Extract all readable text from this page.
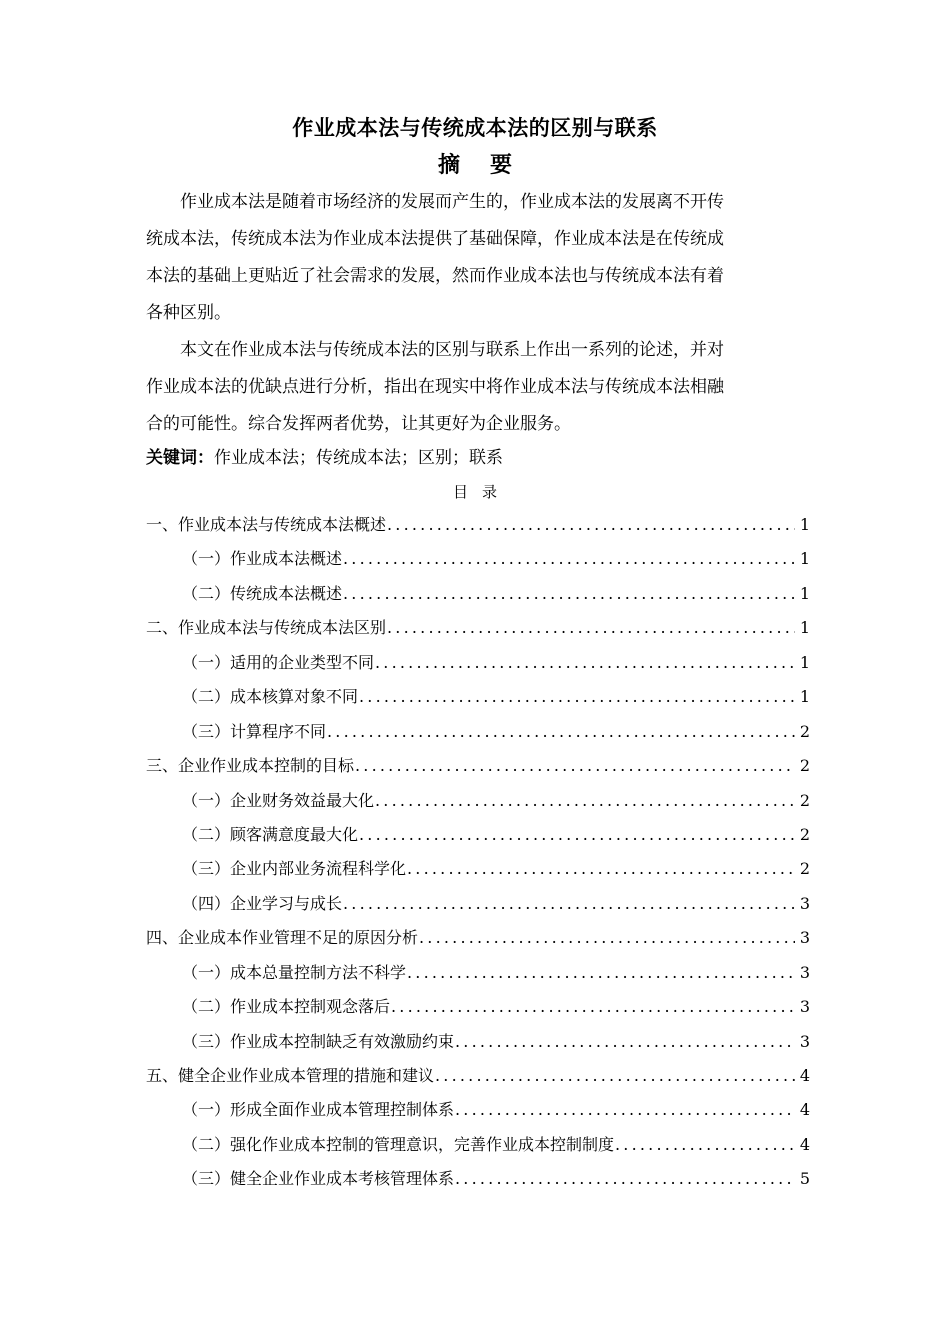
作业成本法与传统成本法的区别与联系
摘要
作业成本法是随着市场经济的发展而产生的，作业成本法的发展离不开传
统成本法，传统成本法为作业成本法提供了基础保障，作业成本法是在传统成
本法的基础上更贴近了社会需求的发展，然而作业成本法也与传统成本法有着
各种区别。
本文在作业成本法与传统成本法的区别与联系上作出一系列的论述，并对
作业成本法的优缺点进行分析，指出在现实中将作业成本法与传统成本法相融
合的可能性。综合发挥两者优势，让其更好为企业服务。
关键词：作业成本法；传统成本法；区别；联系
目录
一、作业成本法与传统成本法概述 .....	1
（一）作业成本法概述 .....	1
（二）传统成本法概述 .....	1
二、作业成本法与传统成本法区别 .....	1
（一）适用的企业类型不同 .....	1
（二）成本核算对象不同 .....	1
（三）计算程序不同 .....	2
三、企业作业成本控制的目标 .....	2
（一）企业财务效益最大化 .....	2
（二）顾客满意度最大化 .....	2
（三）企业内部业务流程科学化 .....	2
（四）企业学习与成长 .....	3
四、企业成本作业管理不足的原因分析 .....	3
（一）成本总量控制方法不科学 .....	3
（二）作业成本控制观念落后 .....	3
（三）作业成本控制缺乏有效激励约束 .....	3
五、健全企业作业成本管理的措施和建议 .....	4
（一）形成全面作业成本管理控制体系 .....	4
（二）强化作业成本控制的管理意识，完善作业成本控制制度 .....	4
（三）健全企业作业成本考核管理体系 .....	5
